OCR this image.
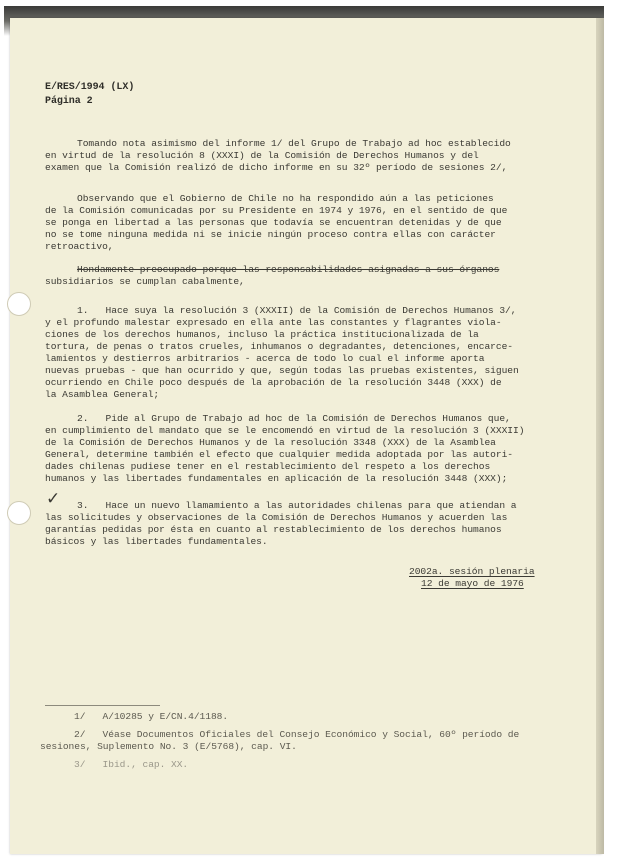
E/RES/1994 (LX)
Página 2
Tomando nota asimismo del informe 1/ del Grupo de Trabajo ad hoc establecido
en virtud de la resolución 8 (XXXI) de la Comisión de Derechos Humanos y del
examen que la Comisión realizó de dicho informe en su 32º período de sesiones 2/,
Observando que el Gobierno de Chile no ha respondido aún a las peticiones
de la Comisión comunicadas por su Presidente en 1974 y 1976, en el sentido de que
se ponga en libertad a las personas que todavía se encuentran detenidas y de que
no se tome ninguna medida ni se inicie ningún proceso contra ellas con carácter
retroactivo,
Hondamente preocupado porque las responsabilidades asignadas a sus órganos
subsidiarios se cumplan cabalmente,
1.   Hace suya la resolución 3 (XXXII) de la Comisión de Derechos Humanos 3/,
y el profundo malestar expresado en ella ante las constantes y flagrantes viola-
ciones de los derechos humanos, incluso la práctica institucionalizada de la
tortura, de penas o tratos crueles, inhumanos o degradantes, detenciones, encarce-
lamientos y destierros arbitrarios - acerca de todo lo cual el informe aporta
nuevas pruebas - que han ocurrido y que, según todas las pruebas existentes, siguen
ocurriendo en Chile poco después de la aprobación de la resolución 3448 (XXX) de
la Asamblea General;
2.   Pide al Grupo de Trabajo ad hoc de la Comisión de Derechos Humanos que,
en cumplimiento del mandato que se le encomendó en virtud de la resolución 3 (XXXII)
de la Comisión de Derechos Humanos y de la resolución 3348 (XXX) de la Asamblea
General, determine también el efecto que cualquier medida adoptada por las autori-
dades chilenas pudiese tener en el restablecimiento del respeto a los derechos
humanos y las libertades fundamentales en aplicación de la resolución 3448 (XXX);
✓ 3.   Hace un nuevo llamamiento a las autoridades chilenas para que atiendan a
las solicitudes y observaciones de la Comisión de Derechos Humanos y acuerden las
garantías pedidas por ésta en cuanto al restablecimiento de los derechos humanos
básicos y las libertades fundamentales.
2002a. sesión plenaria
12 de mayo de 1976
1/   A/10285 y E/CN.4/1188.
2/   Véase Documentos Oficiales del Consejo Económico y Social, 60º período de
sesiones, Suplemento No. 3 (E/5768), cap. VI.
3/   Ibid., cap. XX.
